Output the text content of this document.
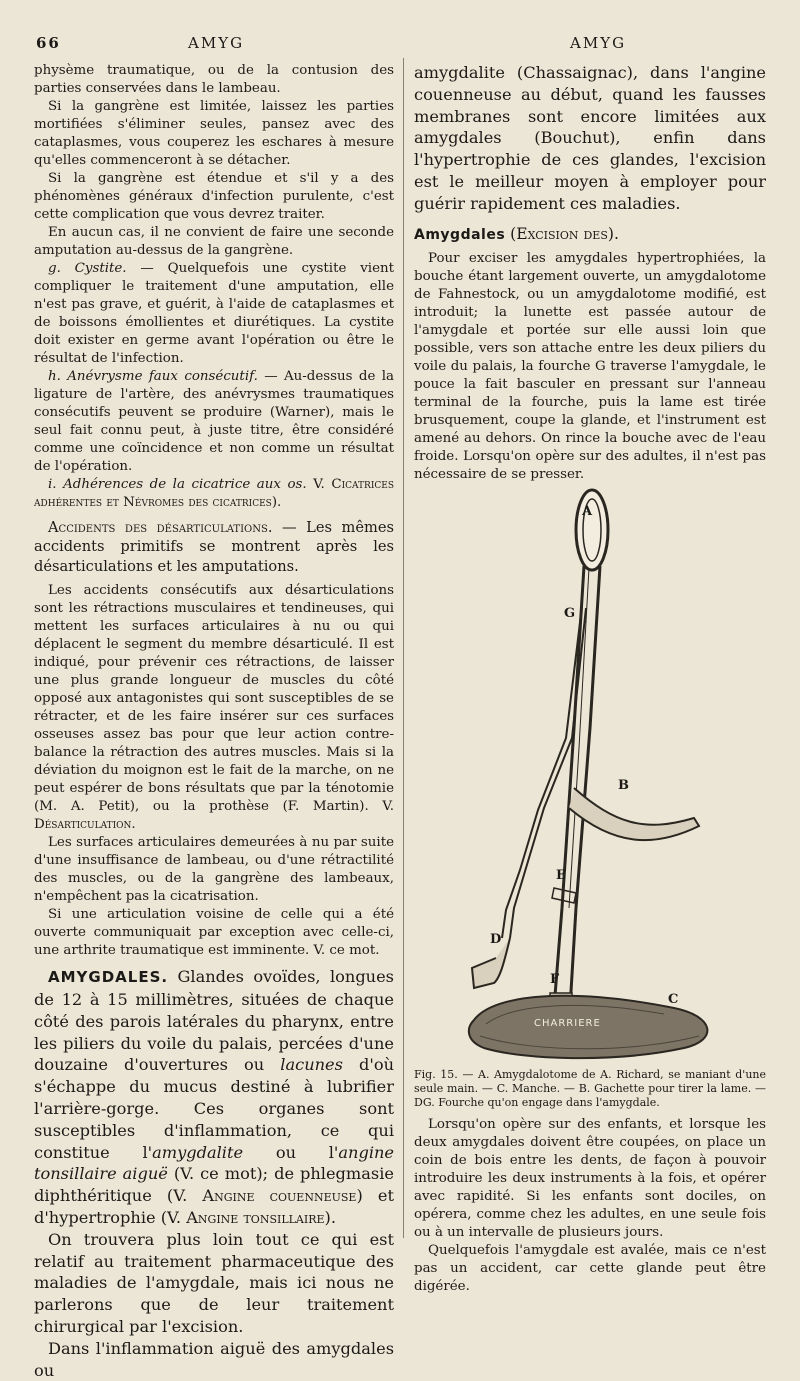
66	AMYG	AMYG

physème traumatique, ou de la contusion des parties conservées dans le lambeau.

Si la gangrène est limitée, laissez les parties mortifiées s'éliminer seules, pansez avec des cataplasmes, vous couperez les eschares à mesure qu'elles commenceront à se détacher.

Si la gangrène est étendue et s'il y a des phénomènes généraux d'infection purulente, c'est cette complication que vous devrez traiter.

En aucun cas, il ne convient de faire une seconde amputation au-dessus de la gangrène.

g. Cystite. — Quelquefois une cystite vient compliquer le traitement d'une amputation, elle n'est pas grave, et guérit, à l'aide de cataplasmes et de boissons émollientes et diurétiques. La cystite doit exister en germe avant l'opération ou être le résultat de l'infection.

h. Anévrysme faux consécutif. — Au-dessus de la ligature de l'artère, des anévrysmes traumatiques consécutifs peuvent se produire (Warner), mais le seul fait connu peut, à juste titre, être considéré comme une coïncidence et non comme un résultat de l'opération.

i. Adhérences de la cicatrice aux os. V. Cicatrices adhérentes et Névromes des cicatrices).

Accidents des désarticulations. — Les mêmes accidents primitifs se montrent après les désarticulations et les amputations.

Les accidents consécutifs aux désarticulations sont les rétractions musculaires et tendineuses, qui mettent les surfaces articulaires à nu ou qui déplacent le segment du membre désarticulé. Il est indiqué, pour prévenir ces rétractions, de laisser une plus grande longueur de muscles du côté opposé aux antagonistes qui sont susceptibles de se rétracter, et de les faire insérer sur ces surfaces osseuses assez bas pour que leur action contre-balance la rétraction des autres muscles. Mais si la déviation du moignon est le fait de la marche, on ne peut espérer de bons résultats que par la ténotomie (M. A. Petit), ou la prothèse (F. Martin). V. Désarticulation.

Les surfaces articulaires demeurées à nu par suite d'une insuffisance de lambeau, ou d'une rétractilité des muscles, ou de la gangrène des lambeaux, n'empêchent pas la cicatrisation.

Si une articulation voisine de celle qui a été ouverte communiquait par exception avec celle-ci, une arthrite traumatique est imminente. V. ce mot.

AMYGDALES. Glandes ovoïdes, longues de 12 à 15 millimètres, situées de chaque côté des parois latérales du pharynx, entre les piliers du voile du palais, percées d'une douzaine d'ouvertures ou lacunes d'où s'échappe du mucus destiné à lubrifier l'arrière-gorge. Ces organes sont susceptibles d'inflammation, ce qui constitue l'amygdalite ou l'angine tonsillaire aiguë (V. ce mot); de phlegmasie diphthéritique (V. Angine couenneuse) et d'hypertrophie (V. Angine tonsillaire).

On trouvera plus loin tout ce qui est relatif au traitement pharmaceutique des maladies de l'amygdale, mais ici nous ne parlerons que de leur traitement chirurgical par l'excision.

Dans l'inflammation aiguë des amygdales ou

amygdalite (Chassaignac), dans l'angine couenneuse au début, quand les fausses membranes sont encore limitées aux amygdales (Bouchut), enfin dans l'hypertrophie de ces glandes, l'excision est le meilleur moyen à employer pour guérir rapidement ces maladies.

Amygdales (Excision des).

Pour exciser les amygdales hypertrophiées, la bouche étant largement ouverte, un amygdalotome de Fahnestock, ou un amygdalotome modifié, est introduit; la lunette est passée autour de l'amygdale et portée sur elle aussi loin que possible, vers son attache entre les deux piliers du voile du palais, la fourche G traverse l'amygdale, le pouce la fait basculer en pressant sur l'anneau terminal de la fourche, puis la lame est tirée brusquement, coupe la glande, et l'instrument est amené au dehors. On rince la bouche avec de l'eau froide. Lorsqu'on opère sur des adultes, il n'est pas nécessaire de se presser.

CHARRIERE
A
G
B
E
D
F
C

Fig. 15. — A. Amygdalotome de A. Richard, se maniant d'une seule main. — C. Manche. — B. Gachette pour tirer la lame. — DG. Fourche qu'on engage dans l'amygdale.

Lorsqu'on opère sur des enfants, et lorsque les deux amygdales doivent être coupées, on place un coin de bois entre les dents, de façon à pouvoir introduire les deux instruments à la fois, et opérer avec rapidité. Si les enfants sont dociles, on opérera, comme chez les adultes, en une seule fois ou à un intervalle de plusieurs jours.

Quelquefois l'amygdale est avalée, mais ce n'est pas un accident, car cette glande peut être digérée.
